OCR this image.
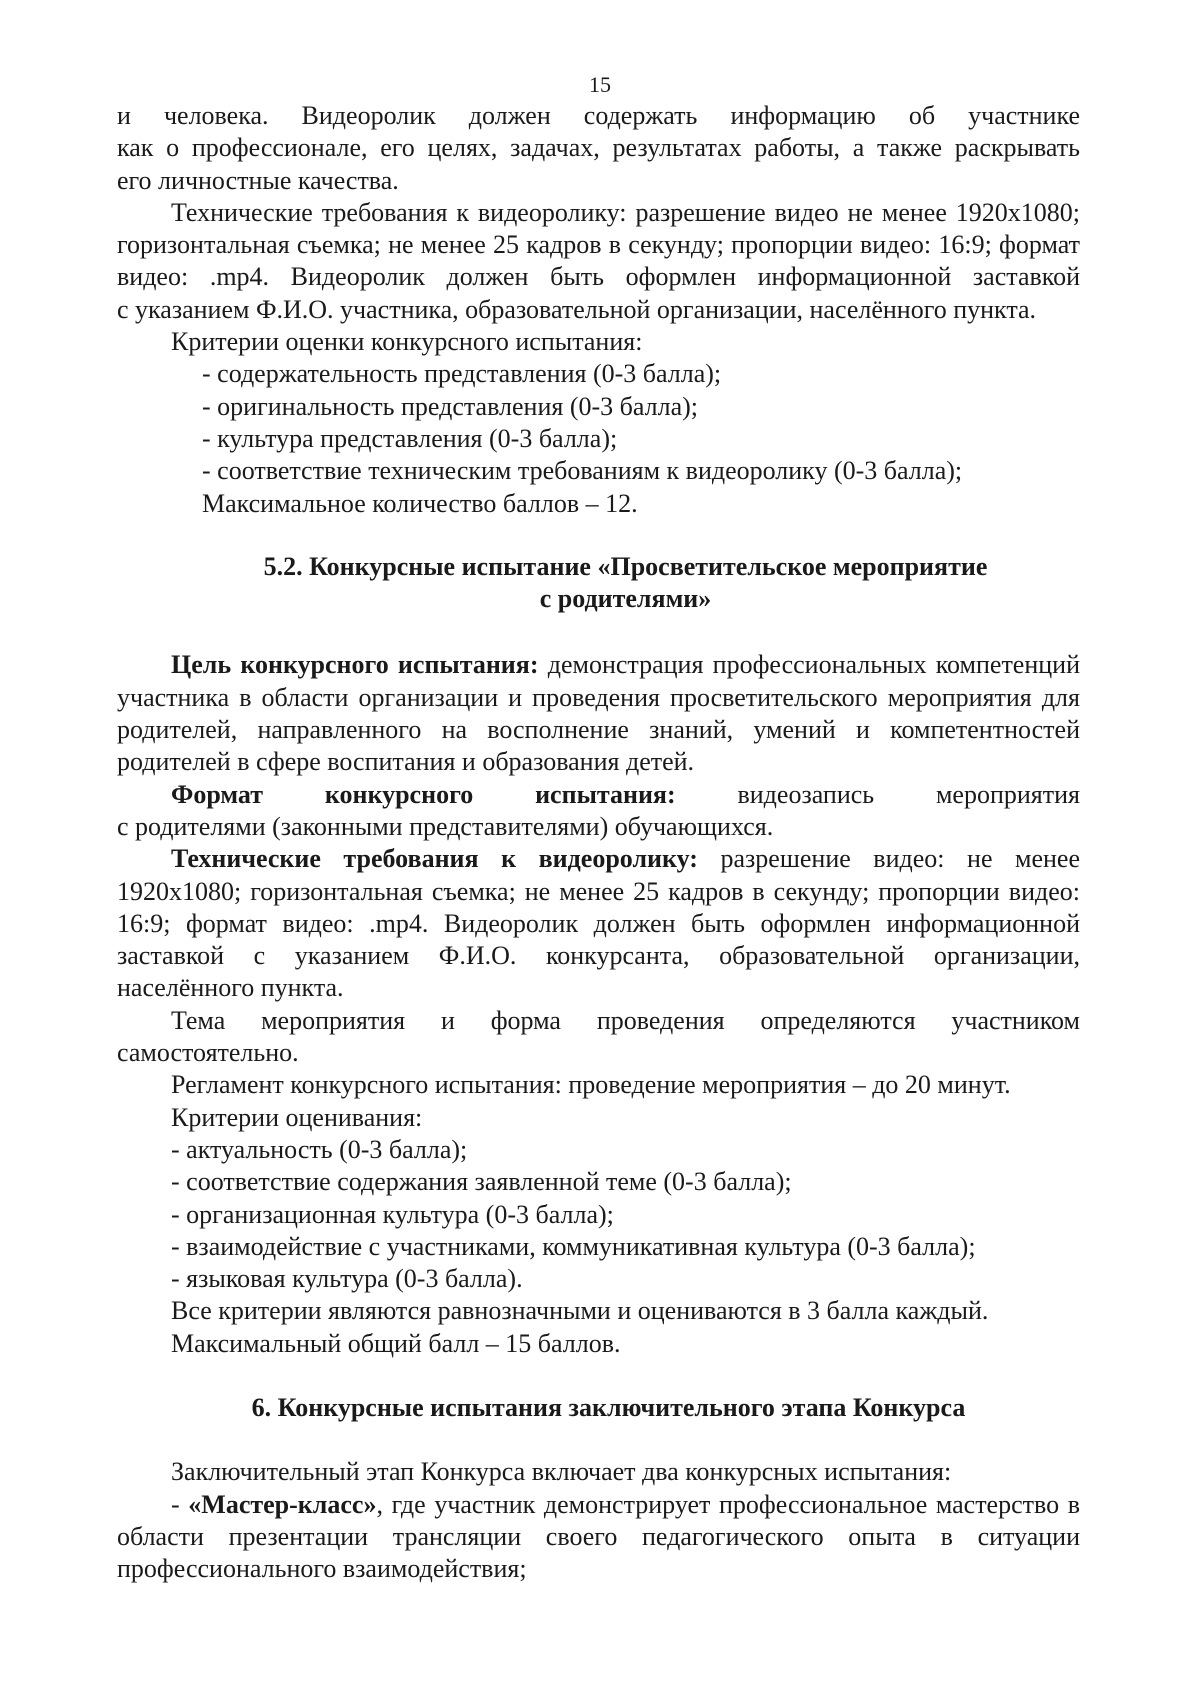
15

и человека. Видеоролик должен содержать информацию об участнике

как о профессионале, его целях, задачах, результатах работы, а также раскрывать

его личностные качества.

Технические требования к видеоролику: разрешение видео не менее 1920х1080;

горизонтальная съемка; не менее 25 кадров в секунду; пропорции видео: 16:9; формат

видео: .mp4. Видеоролик должен быть оформлен информационной заставкой

с указанием Ф.И.О. участника, образовательной организации, населённого пункта.

Критерии оценки конкурсного испытания:

- содержательность представления (0-3 балла);

- оригинальность представления (0-3 балла);

- культура представления (0-3 балла);

- соответствие техническим требованиям к видеоролику (0-3 балла);

Максимальное количество баллов – 12.

5.2. Конкурсные испытание «Просветительское мероприятие

с родителями»

Цель конкурсного испытания: демонстрация профессиональных компетенций

участника в области организации и проведения просветительского мероприятия для

родителей, направленного на восполнение знаний, умений и компетентностей

родителей в сфере воспитания и образования детей.

Формат конкурсного испытания: видеозапись мероприятия

с родителями (законными представителями) обучающихся.

Технические требования к видеоролику: разрешение видео: не менее

1920х1080; горизонтальная съемка; не менее 25 кадров в секунду; пропорции видео:

16:9; формат видео: .mp4. Видеоролик должен быть оформлен информационной

заставкой с указанием Ф.И.О. конкурсанта, образовательной организации,

населённого пункта.

Тема мероприятия и форма проведения определяются участником

самостоятельно.

Регламент конкурсного испытания: проведение мероприятия – до 20 минут.

Критерии оценивания:

- актуальность (0-3 балла);

- соответствие содержания заявленной теме (0-3 балла);

- организационная культура (0-3 балла);

- взаимодействие с участниками, коммуникативная культура (0-3 балла);

- языковая культура (0-3 балла).

Все критерии являются равнозначными и оцениваются в 3 балла каждый.

Максимальный общий балл – 15 баллов.

6. Конкурсные испытания заключительного этапа Конкурса

Заключительный этап Конкурса включает два конкурсных испытания:

- «Мастер-класс», где участник демонстрирует профессиональное мастерство в

области презентации трансляции своего педагогического опыта в ситуации

профессионального взаимодействия;
